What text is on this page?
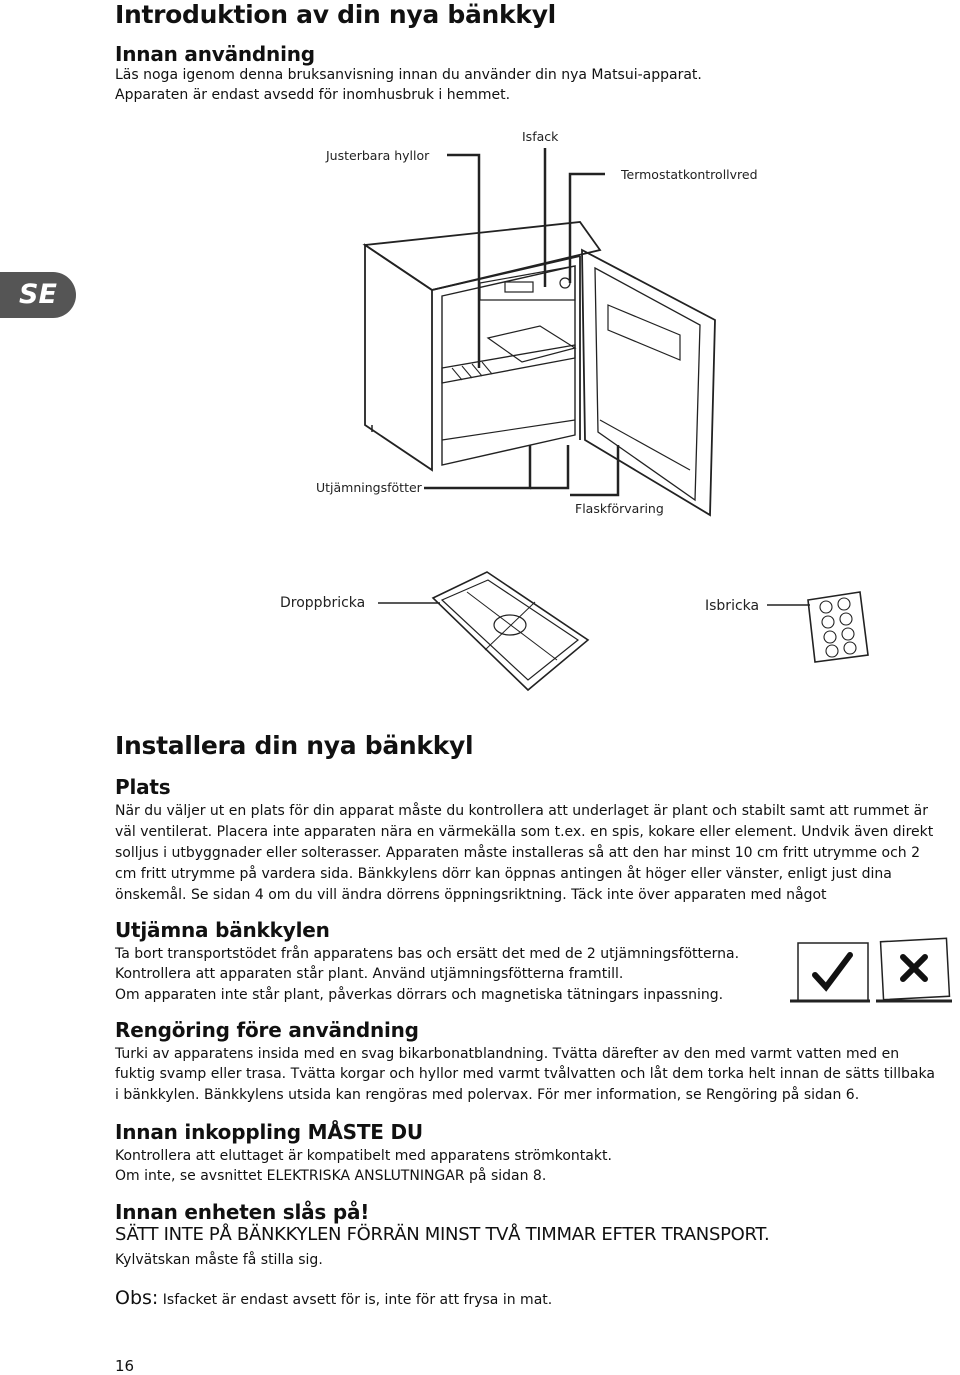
Introduktion av din nya bänkkyl
Innan användning
Läs noga igenom denna bruksanvisning innan du använder din nya Matsui-apparat.
Apparaten är endast avsedd för inomhusbruk i hemmet.
SE
Justerbara hyllor
Isfack
Termostatkontrollvred
Utjämningsfötter
Flaskförvaring
Droppbricka	Isbricka
Installera din nya bänkkyl
Plats
När du väljer ut en plats för din apparat måste du kontrollera att underlaget är plant och stabilt samt att rummet är
väl ventilerat. Placera inte apparaten nära en värmekälla som t.ex. en spis, kokare eller element. Undvik även direkt
solljus i utbyggnader eller solterasser. Apparaten måste installeras så att den har minst 10 cm fritt utrymme och 2
cm fritt utrymme på vardera sida. Bänkkylens dörr kan öppnas antingen åt höger eller vänster, enligt just dina
önskemål. Se sidan 4 om du vill ändra dörrens öppningsriktning. Täck inte över apparaten med något
Utjämna bänkkylen
Ta bort transportstödet från apparatens bas och ersätt det med de 2 utjämningsfötterna.
Kontrollera att apparaten står plant. Använd utjämningsfötterna framtill.
Om apparaten inte står plant, påverkas dörrars och magnetiska tätningars inpassning.
Rengöring före användning
Turki av apparatens insida med en svag bikarbonatblandning. Tvätta därefter av den med varmt vatten med en
fuktig svamp eller trasa. Tvätta korgar och hyllor med varmt tvålvatten och låt dem torka helt innan de sätts tillbaka
i bänkkylen. Bänkkylens utsida kan rengöras med polervax. För mer information, se Rengöring på sidan 6.
Innan inkoppling MÅSTE DU
Kontrollera att eluttaget är kompatibelt med apparatens strömkontakt.
Om inte, se avsnittet ELEKTRISKA ANSLUTNINGAR på sidan 8.
Innan enheten slås på!
SÄTT INTE PÅ BÄNKKYLEN FÖRRÄN MINST TVÅ TIMMAR EFTER TRANSPORT.
Kylvätskan måste få stilla sig.
Obs: Isfacket är endast avsett för is, inte för att frysa in mat.
16
